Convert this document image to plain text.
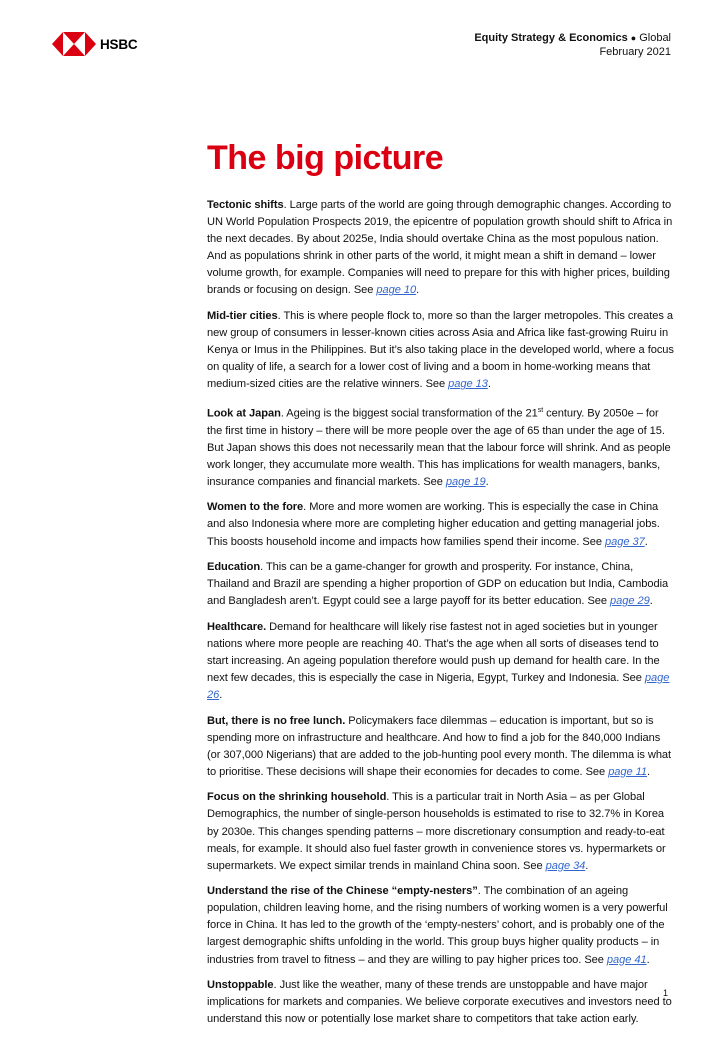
HSBC	Equity Strategy & Economics ● Global
February 2021
The big picture

Tectonic shifts. Large parts of the world are going through demographic changes. According to UN World Population Prospects 2019, the epicentre of population growth should shift to Africa in the next decades. By about 2025e, India should overtake China as the most populous nation. And as populations shrink in other parts of the world, it might mean a shift in demand – lower volume growth, for example. Companies will need to prepare for this with higher prices, building brands or focusing on design. See page 10.

Mid-tier cities. This is where people flock to, more so than the larger metropoles. This creates a new group of consumers in lesser-known cities across Asia and Africa like fast-growing Ruiru in Kenya or Imus in the Philippines. But it’s also taking place in the developed world, where a focus on quality of life, a search for a lower cost of living and a boom in home-working means that medium-sized cities are the relative winners. See page 13.

Look at Japan. Ageing is the biggest social transformation of the 21st century. By 2050e – for the first time in history – there will be more people over the age of 65 than under the age of 15. But Japan shows this does not necessarily mean that the labour force will shrink. And as people work longer, they accumulate more wealth. This has implications for wealth managers, banks, insurance companies and financial markets. See page 19.

Women to the fore. More and more women are working. This is especially the case in China and also Indonesia where more are completing higher education and getting managerial jobs. This boosts household income and impacts how families spend their income. See page 37.

Education. This can be a game-changer for growth and prosperity. For instance, China, Thailand and Brazil are spending a higher proportion of GDP on education but India, Cambodia and Bangladesh aren’t. Egypt could see a large payoff for its better education. See page 29.

Healthcare. Demand for healthcare will likely rise fastest not in aged societies but in younger nations where more people are reaching 40. That’s the age when all sorts of diseases tend to start increasing. An ageing population therefore would push up demand for health care. In the next few decades, this is especially the case in Nigeria, Egypt, Turkey and Indonesia. See page 26.

But, there is no free lunch. Policymakers face dilemmas – education is important, but so is spending more on infrastructure and healthcare. And how to find a job for the 840,000 Indians (or 307,000 Nigerians) that are added to the job-hunting pool every month. The dilemma is what to prioritise. These decisions will shape their economies for decades to come. See page 11.

Focus on the shrinking household. This is a particular trait in North Asia – as per Global Demographics, the number of single-person households is estimated to rise to 32.7% in Korea by 2030e. This changes spending patterns – more discretionary consumption and ready-to-eat meals, for example. It should also fuel faster growth in convenience stores vs. hypermarkets or supermarkets. We expect similar trends in mainland China soon. See page 34.

Understand the rise of the Chinese “empty-nesters”. The combination of an ageing population, children leaving home, and the rising numbers of working women is a very powerful force in China. It has led to the growth of the ‘empty-nesters’ cohort, and is probably one of the largest demographic shifts unfolding in the world. This group buys higher quality products – in industries from travel to fitness – and they are willing to pay higher prices too. See page 41.

Unstoppable. Just like the weather, many of these trends are unstoppable and have major implications for markets and companies. We believe corporate executives and investors need to understand this now or potentially lose market share to competitors that take action early.

1
